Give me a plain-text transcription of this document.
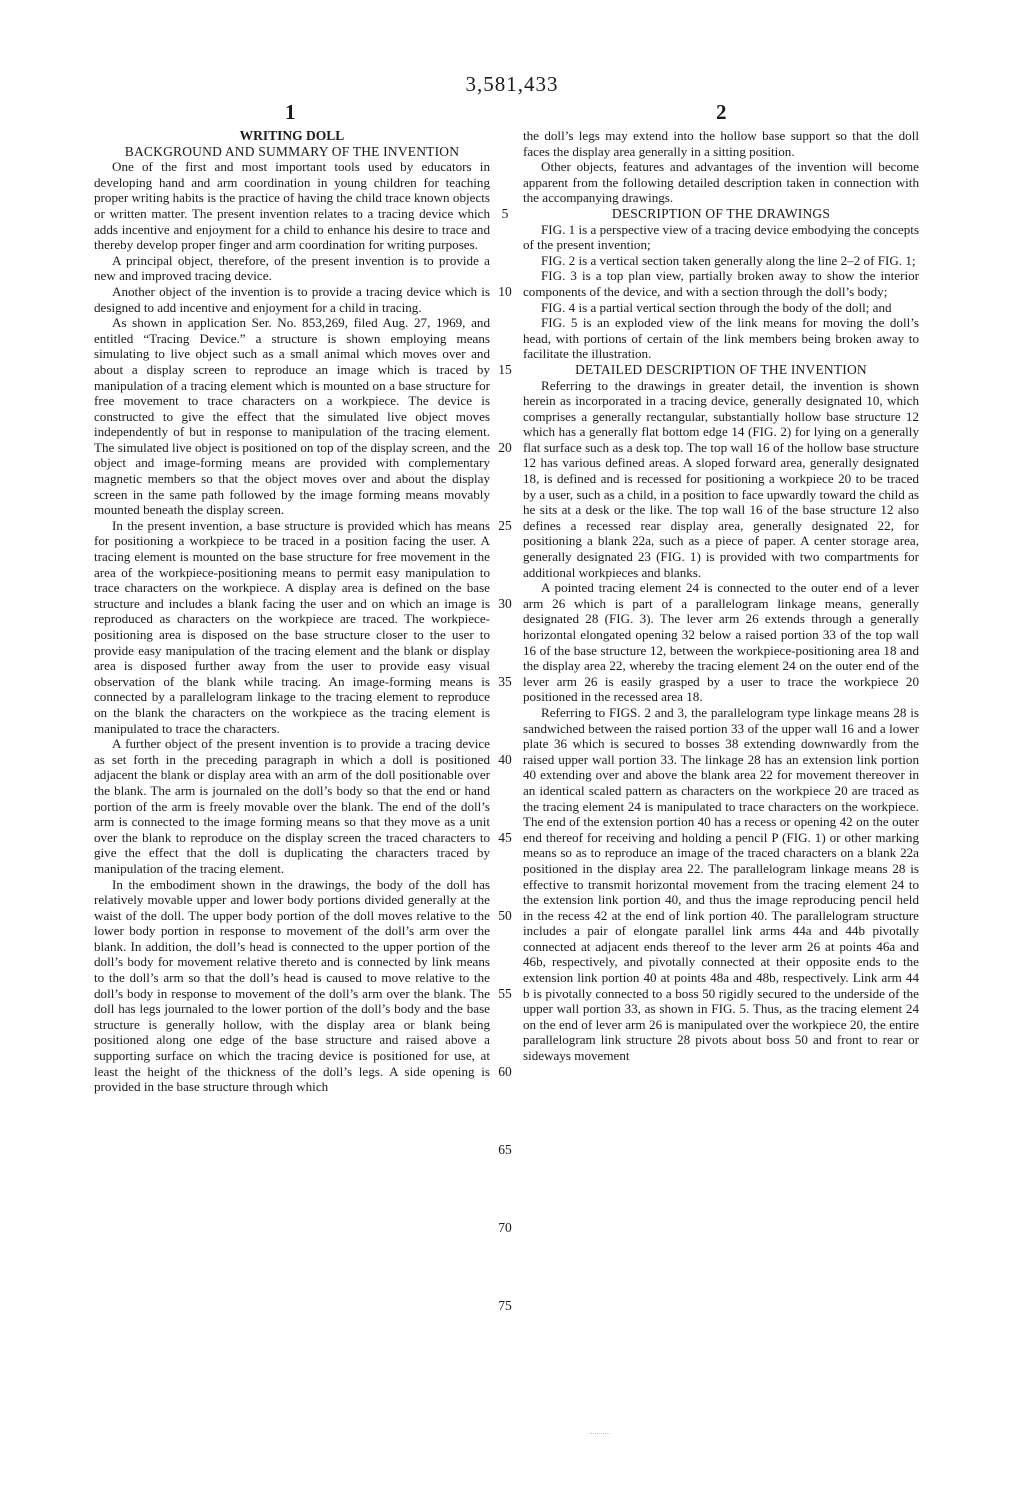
3,581,433
1	2

WRITING DOLL

BACKGROUND AND SUMMARY OF THE INVENTION

One of the first and most important tools used by educators in developing hand and arm coordination in young children for teaching proper writing habits is the practice of having the child trace known objects or written matter. The present invention relates to a tracing device which adds incentive and enjoyment for a child to enhance his desire to trace and thereby develop proper finger and arm coordination for writing purposes.

A principal object, therefore, of the present invention is to provide a new and improved tracing device.

Another object of the invention is to provide a tracing device which is designed to add incentive and enjoyment for a child in tracing.

As shown in application Ser. No. 853,269, filed Aug. 27, 1969, and entitled “Tracing Device.” a structure is shown employing means simulating to live object such as a small animal which moves over and about a display screen to reproduce an image which is traced by manipulation of a tracing element which is mounted on a base structure for free movement to trace characters on a workpiece. The device is constructed to give the effect that the simulated live object moves independently of but in response to manipulation of the tracing element. The simulated live object is positioned on top of the display screen, and the object and image-forming means are provided with complementary magnetic members so that the object moves over and about the display screen in the same path followed by the image forming means movably mounted beneath the display screen.

In the present invention, a base structure is provided which has means for positioning a workpiece to be traced in a position facing the user. A tracing element is mounted on the base structure for free movement in the area of the workpiece-positioning means to permit easy manipulation to trace characters on the workpiece. A display area is defined on the base structure and includes a blank facing the user and on which an image is reproduced as characters on the workpiece are traced. The workpiece-positioning area is disposed on the base structure closer to the user to provide easy manipulation of the tracing element and the blank or display area is disposed further away from the user to provide easy visual observation of the blank while tracing. An image-forming means is connected by a parallelogram linkage to the tracing element to reproduce on the blank the characters on the workpiece as the tracing element is manipulated to trace the characters.

A further object of the present invention is to provide a tracing device as set forth in the preceding paragraph in which a doll is positioned adjacent the blank or display area with an arm of the doll positionable over the blank. The arm is journaled on the doll’s body so that the end or hand portion of the arm is freely movable over the blank. The end of the doll’s arm is connected to the image forming means so that they move as a unit over the blank to reproduce on the display screen the traced characters to give the effect that the doll is duplicating the characters traced by manipulation of the tracing element.

In the embodiment shown in the drawings, the body of the doll has relatively movable upper and lower body portions divided generally at the waist of the doll. The upper body portion of the doll moves relative to the lower body portion in response to movement of the doll’s arm over the blank. In addition, the doll’s head is connected to the upper portion of the doll’s body for movement relative thereto and is connected by link means to the doll’s arm so that the doll’s head is caused to move relative to the doll’s body in response to movement of the doll’s arm over the blank. The doll has legs journaled to the lower portion of the doll’s body and the base structure is generally hollow, with the display area or blank being positioned along one edge of the base structure and raised above a supporting surface on which the tracing device is positioned for use, at least the height of the thickness of the doll’s legs. A side opening is provided in the base structure through which

5
10
15
20
25
30
35
40
45
50
55
60
65
70
75

the doll’s legs may extend into the hollow base support so that the doll faces the display area generally in a sitting position.

Other objects, features and advantages of the invention will become apparent from the following detailed description taken in connection with the accompanying drawings.

DESCRIPTION OF THE DRAWINGS

FIG. 1 is a perspective view of a tracing device embodying the concepts of the present invention;

FIG. 2 is a vertical section taken generally along the line 2–2 of FIG. 1;

FIG. 3 is a top plan view, partially broken away to show the interior components of the device, and with a section through the doll’s body;

FIG. 4 is a partial vertical section through the body of the doll; and

FIG. 5 is an exploded view of the link means for moving the doll’s head, with portions of certain of the link members being broken away to facilitate the illustration.

DETAILED DESCRIPTION OF THE INVENTION

Referring to the drawings in greater detail, the invention is shown herein as incorporated in a tracing device, generally designated 10, which comprises a generally rectangular, substantially hollow base structure 12 which has a generally flat bottom edge 14 (FIG. 2) for lying on a generally flat surface such as a desk top. The top wall 16 of the hollow base structure 12 has various defined areas. A sloped forward area, generally designated 18, is defined and is recessed for positioning a workpiece 20 to be traced by a user, such as a child, in a position to face upwardly toward the child as he sits at a desk or the like. The top wall 16 of the base structure 12 also defines a recessed rear display area, generally designated 22, for positioning a blank 22a, such as a piece of paper. A center storage area, generally designated 23 (FIG. 1) is provided with two compartments for additional workpieces and blanks.

A pointed tracing element 24 is connected to the outer end of a lever arm 26 which is part of a parallelogram linkage means, generally designated 28 (FIG. 3). The lever arm 26 extends through a generally horizontal elongated opening 32 below a raised portion 33 of the top wall 16 of the base structure 12, between the workpiece-positioning area 18 and the display area 22, whereby the tracing element 24 on the outer end of the lever arm 26 is easily grasped by a user to trace the workpiece 20 positioned in the recessed area 18.

Referring to FIGS. 2 and 3, the parallelogram type linkage means 28 is sandwiched between the raised portion 33 of the upper wall 16 and a lower plate 36 which is secured to bosses 38 extending downwardly from the raised upper wall portion 33. The linkage 28 has an extension link portion 40 extending over and above the blank area 22 for movement thereover in an identical scaled pattern as characters on the workpiece 20 are traced as the tracing element 24 is manipulated to trace characters on the workpiece. The end of the extension portion 40 has a recess or opening 42 on the outer end thereof for receiving and holding a pencil P (FIG. 1) or other marking means so as to reproduce an image of the traced characters on a blank 22a positioned in the display area 22. The parallelogram linkage means 28 is effective to transmit horizontal movement from the tracing element 24 to the extension link portion 40, and thus the image reproducing pencil held in the recess 42 at the end of link portion 40. The parallelogram structure includes a pair of elongate parallel link arms 44a and 44b pivotally connected at adjacent ends thereof to the lever arm 26 at points 46a and 46b, respectively, and pivotally connected at their opposite ends to the extension link portion 40 at points 48a and 48b, respectively. Link arm 44 b is pivotally connected to a boss 50 rigidly secured to the underside of the upper wall portion 33, as shown in FIG. 5. Thus, as the tracing element 24 on the end of lever arm 26 is manipulated over the workpiece 20, the entire parallelogram link structure 28 pivots about boss 50 and front to rear or sideways movement
